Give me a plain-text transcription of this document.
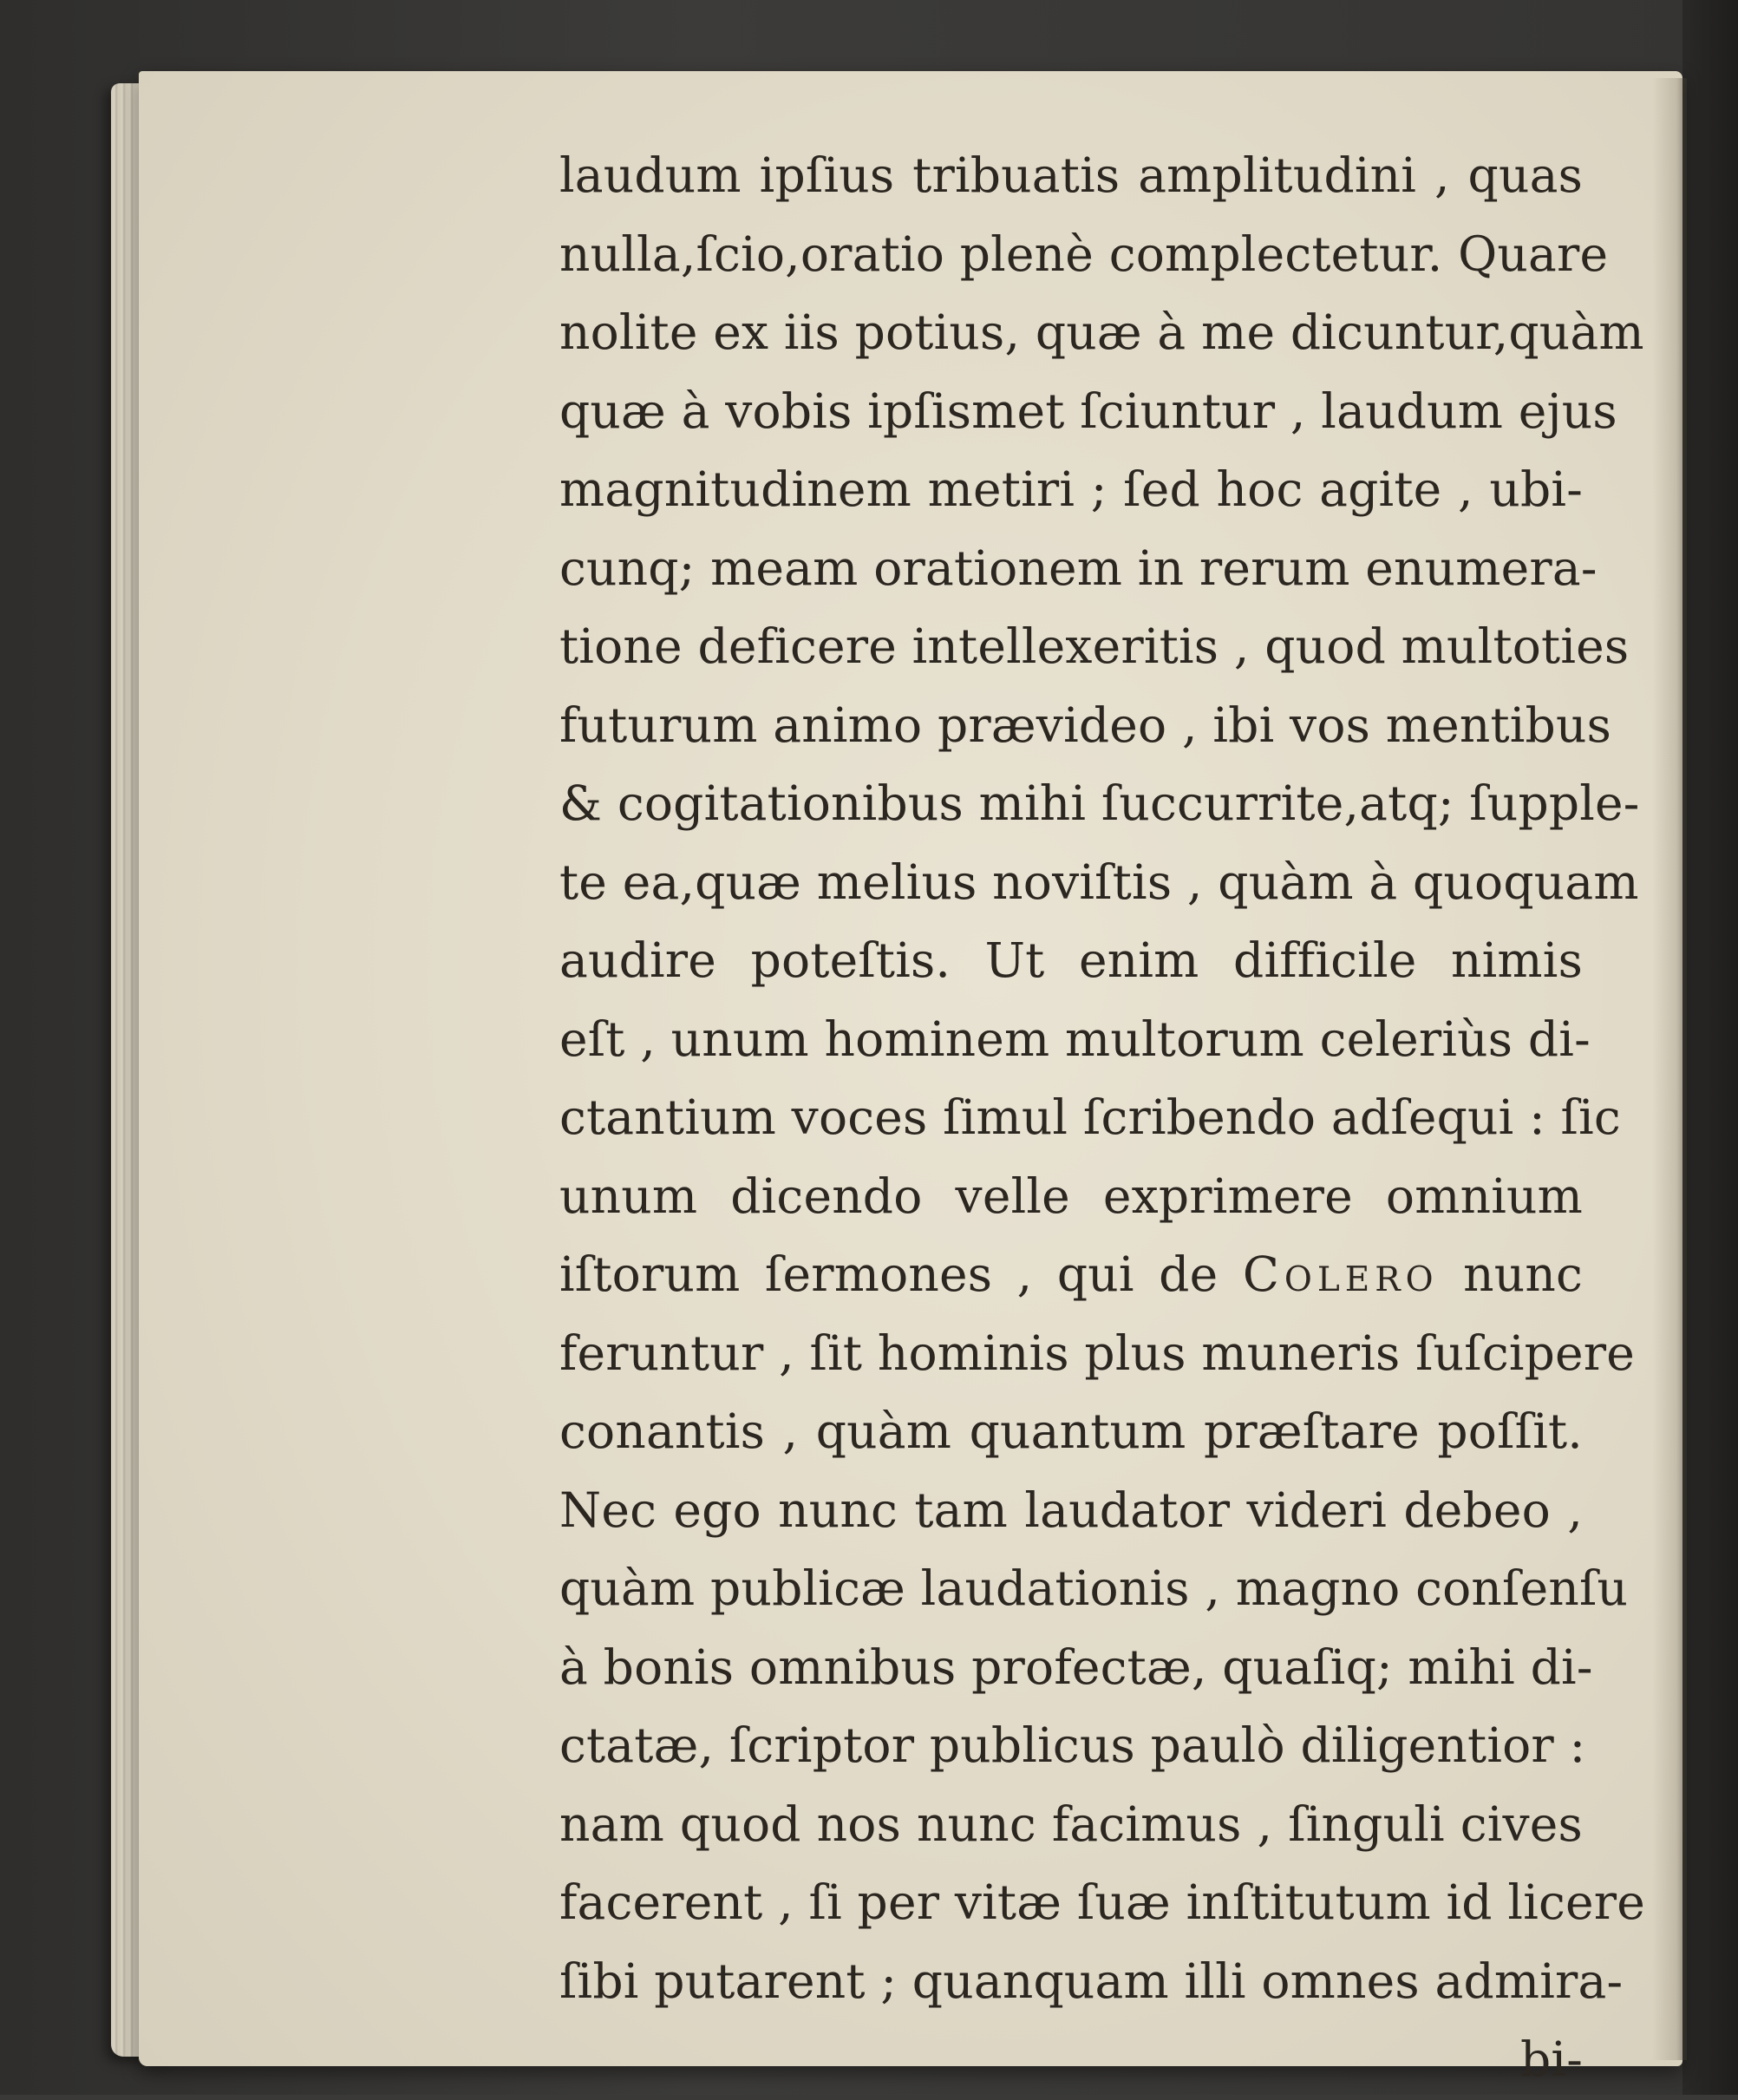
laudum ipſius tribuatis amplitudini , quas
nulla,ſcio,oratio plenè complectetur. Quare
nolite ex iis potius, quæ à me dicuntur,quàm
quæ à vobis ipſismet ſciuntur , laudum ejus
magnitudinem metiri ; ſed hoc agite , ubi-
cunq; meam orationem in rerum enumera-
tione deficere intellexeritis , quod multoties
futurum animo prævideo , ibi vos mentibus
& cogitationibus mihi ſuccurrite,atq; ſupple-
te ea,quæ melius noviſtis , quàm à quoquam
audire poteſtis. Ut enim difficile nimis
eſt , unum hominem multorum celeriùs di-
ctantium voces ſimul ſcribendo adſequi : ſic
unum dicendo velle exprimere omnium
iſtorum ſermones , qui de Colero nunc
feruntur , ſit hominis plus muneris ſuſcipere
conantis , quàm quantum præſtare poſſit.
Nec ego nunc tam laudator videri debeo ,
quàm publicæ laudationis , magno conſenſu
à bonis omnibus profectæ, quaſiq; mihi di-
ctatæ, ſcriptor publicus paulò diligentior :
nam quod nos nunc facimus , ſinguli cives
facerent , ſi per vitæ ſuæ inſtitutum id licere
ſibi putarent ; quanquam illi omnes admira-
bi-
